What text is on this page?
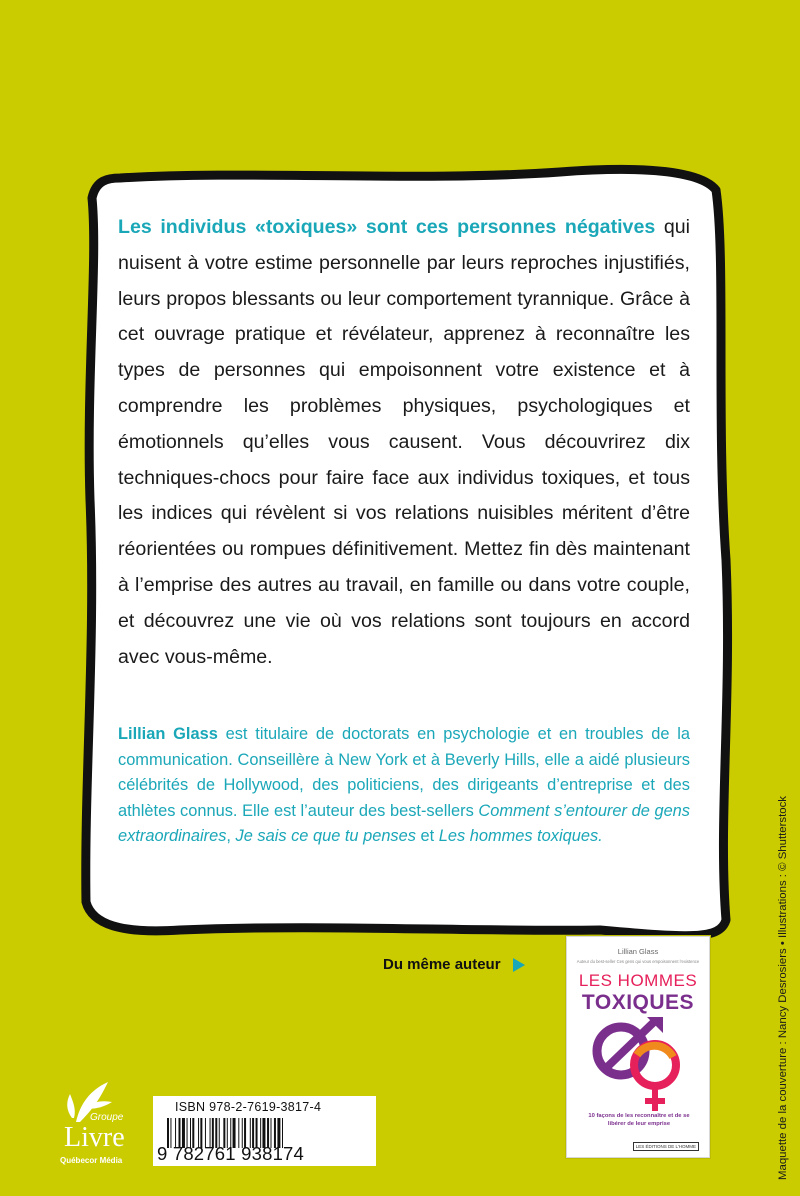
Les individus «toxiques» sont ces personnes négatives qui nuisent à votre estime personnelle par leurs reproches injustifiés, leurs propos blessants ou leur comportement tyrannique. Grâce à cet ouvrage pratique et révélateur, apprenez à reconnaître les types de personnes qui empoisonnent votre existence et à comprendre les problèmes physiques, psychologiques et émotionnels qu’elles vous causent. Vous découvrirez dix techniques-chocs pour faire face aux individus toxiques, et tous les indices qui révèlent si vos relations nuisibles méritent d’être réorientées ou rompues définitivement. Mettez fin dès maintenant à l’emprise des autres au travail, en famille ou dans votre couple, et découvrez une vie où vos relations sont toujours en accord avec vous-même.
Lillian Glass est titulaire de doctorats en psychologie et en troubles de la communication. Conseillère à New York et à Beverly Hills, elle a aidé plusieurs célébrités de Hollywood, des politiciens, des dirigeants d’entreprise et des athlètes connus. Elle est l’auteur des best-sellers Comment s’entourer de gens extraordinaires, Je sais ce que tu penses et Les hommes toxiques.
Du même auteur
Lillian Glass
Auteur du best-seller Ces gens qui vous empoisonnent l’existence
LES HOMMES
TOXIQUES
10 façons de les reconnaître et de se libérer de leur emprise
LES ÉDITIONS DE L’HOMME
ISBN 978-2-7619-3817-4
9 782761 938174
Groupe
Livre
Québecor Média	Maquette de la couverture : Nancy Desrosiers • Illustrations : © Shutterstock
